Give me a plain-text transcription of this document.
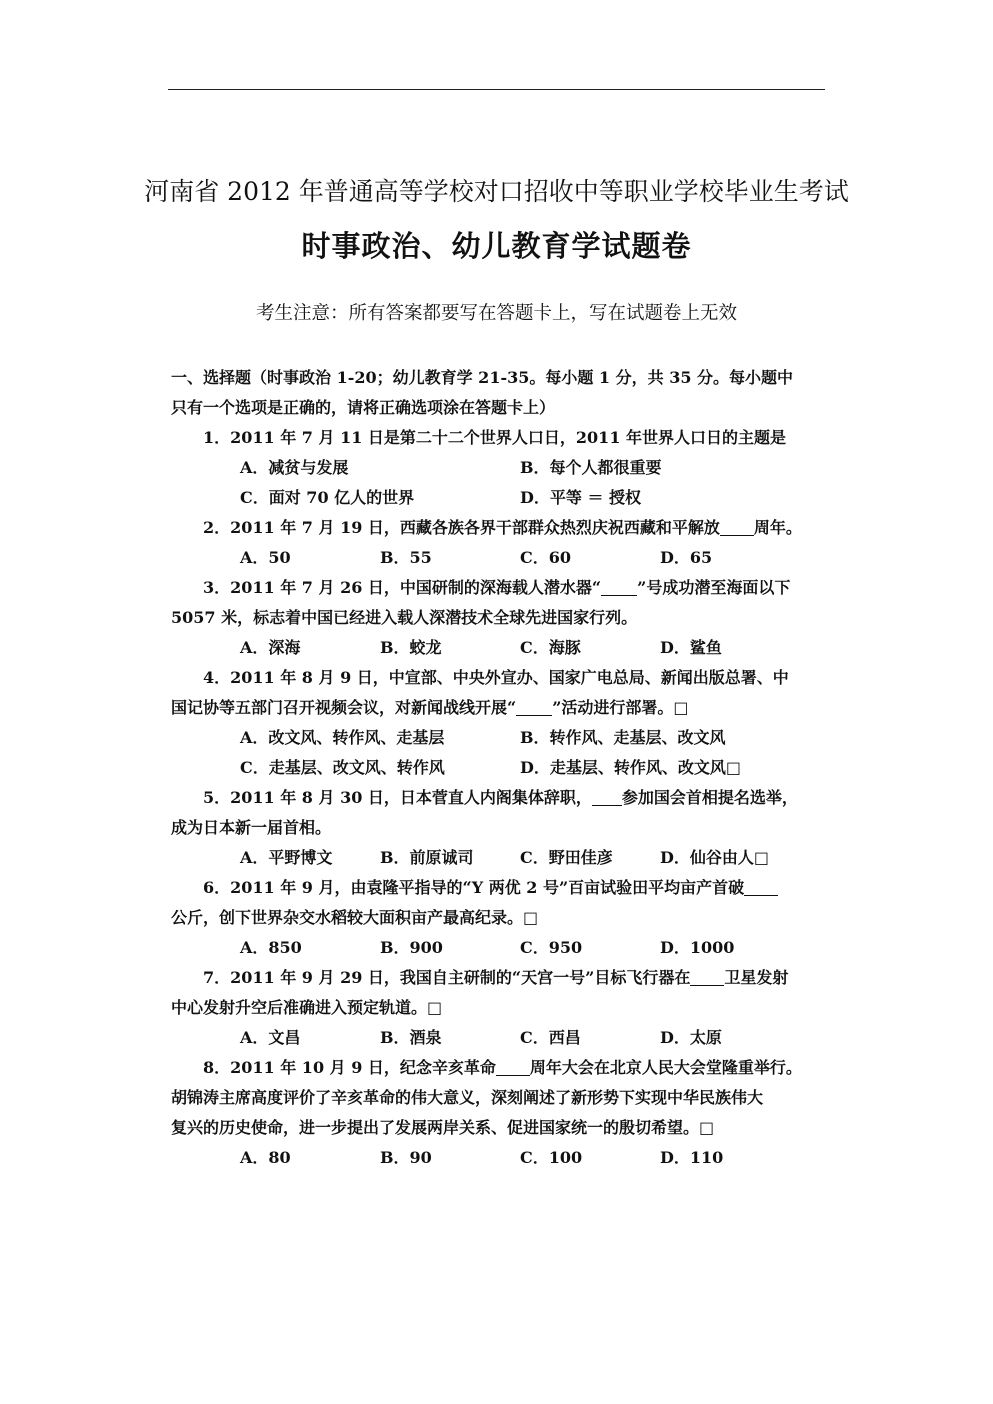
河南省 2012 年普通高等学校对口招收中等职业学校毕业生考试
时事政治、幼儿教育学试题卷
考生注意：所有答案都要写在答题卡上，写在试题卷上无效
一、选择题（时事政治 1-20；幼儿教育学 21-35。每小题 1 分，共 35 分。每小题中
只有一个选项是正确的，请将正确选项涂在答题卡上）
1．2011 年 7 月 11 日是第二十二个世界人口日，2011 年世界人口日的主题是
A．减贫与发展	B．每个人都很重要
C．面对 70 亿人的世界	D．平等 ＝ 授权
2．2011 年 7 月 19 日，西藏各族各界干部群众热烈庆祝西藏和平解放 周年。
A．50	B．55	C．60	D．65
3．2011 年 7 月 26 日，中国研制的深海载人潜水器“ ”号成功潜至海面以下
5057 米，标志着中国已经进入载人深潜技术全球先进国家行列。
A．深海	B．蛟龙	C．海豚	D．鲨鱼
4．2011 年 8 月 9 日，中宣部、中央外宣办、国家广电总局、新闻出版总署、中
国记协等五部门召开视频会议，对新闻战线开展“ ”活动进行部署。□
A．改文风、转作风、走基层	B．转作风、走基层、改文风
C．走基层、改文风、转作风	D．走基层、转作风、改文风□
5．2011 年 8 月 30 日，日本菅直人内阁集体辞职， 参加国会首相提名选举，
成为日本新一届首相。
A．平野博文	B．前原诚司	C．野田佳彦	D．仙谷由人□
6．2011 年 9 月，由袁隆平指导的“Y 两优 2 号”百亩试验田平均亩产首破
公斤，创下世界杂交水稻较大面积亩产最高纪录。□
A．850	B．900	C．950	D．1000
7．2011 年 9 月 29 日，我国自主研制的“天宫一号”目标飞行器在 卫星发射
中心发射升空后准确进入预定轨道。□
A．文昌	B．酒泉	C．西昌	D．太原
8．2011 年 10 月 9 日，纪念辛亥革命 周年大会在北京人民大会堂隆重举行。
胡锦涛主席高度评价了辛亥革命的伟大意义，深刻阐述了新形势下实现中华民族伟大
复兴的历史使命，进一步提出了发展两岸关系、促进国家统一的殷切希望。□
A．80	B．90	C．100	D．110
